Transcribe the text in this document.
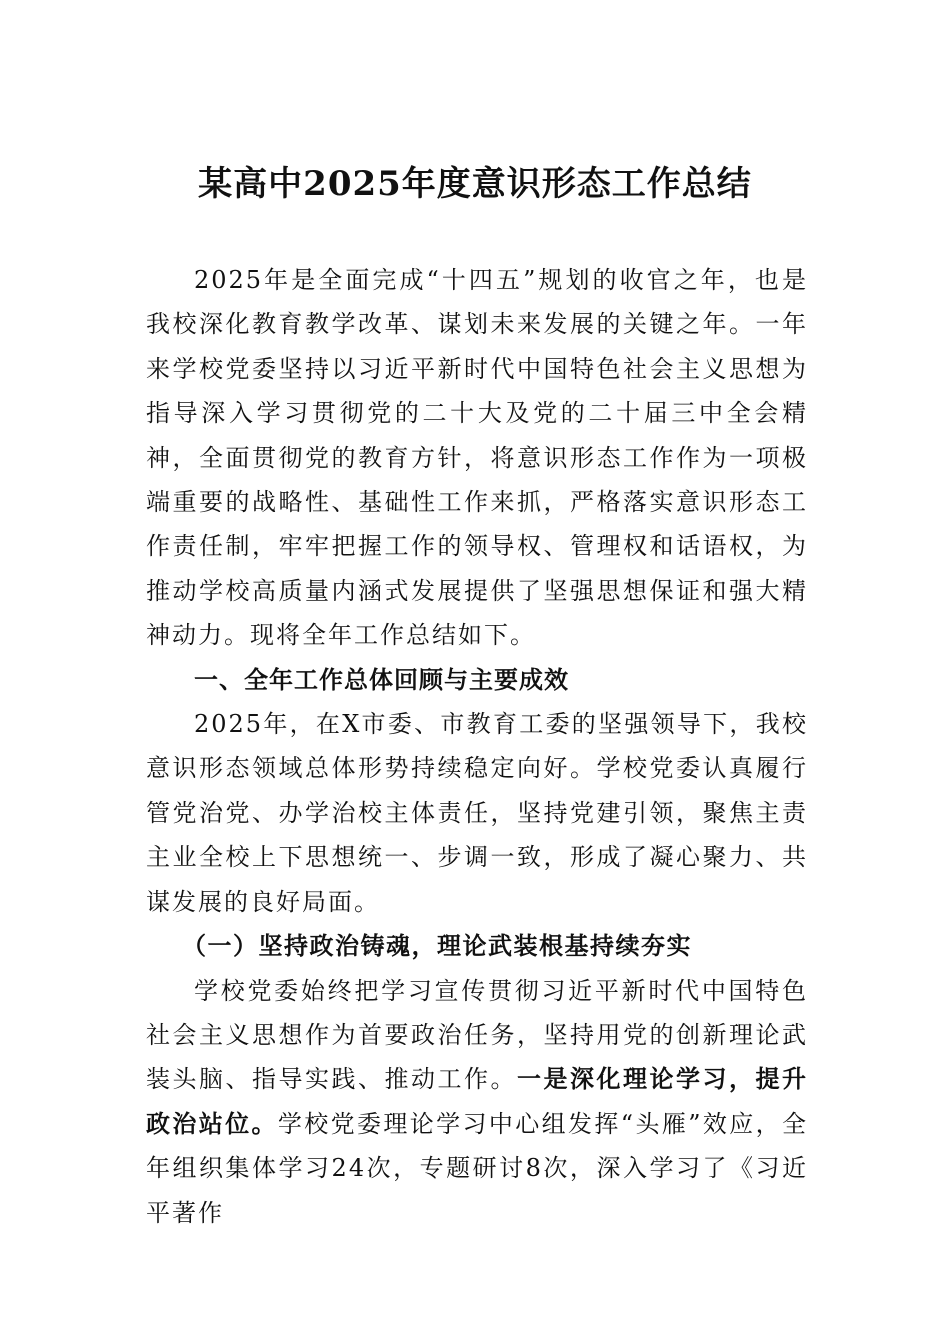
某高中2025年度意识形态工作总结

2025年是全面完成“十四五”规划的收官之年，也是我校深化教育教学改革、谋划未来发展的关键之年。一年来学校党委坚持以习近平新时代中国特色社会主义思想为指导深入学习贯彻党的二十大及党的二十届三中全会精神，全面贯彻党的教育方针，将意识形态工作作为一项极端重要的战略性、基础性工作来抓，严格落实意识形态工作责任制，牢牢把握工作的领导权、管理权和话语权，为推动学校高质量内涵式发展提供了坚强思想保证和强大精神动力。现将全年工作总结如下。

一、全年工作总体回顾与主要成效

2025年，在X市委、市教育工委的坚强领导下，我校意识形态领域总体形势持续稳定向好。学校党委认真履行管党治党、办学治校主体责任，坚持党建引领，聚焦主责主业全校上下思想统一、步调一致，形成了凝心聚力、共谋发展的良好局面。

（一）坚持政治铸魂，理论武装根基持续夯实

学校党委始终把学习宣传贯彻习近平新时代中国特色社会主义思想作为首要政治任务，坚持用党的创新理论武装头脑、指导实践、推动工作。一是深化理论学习，提升政治站位。学校党委理论学习中心组发挥“头雁”效应，全年组织集体学习24次，专题研讨8次，深入学习了《习近平著作
